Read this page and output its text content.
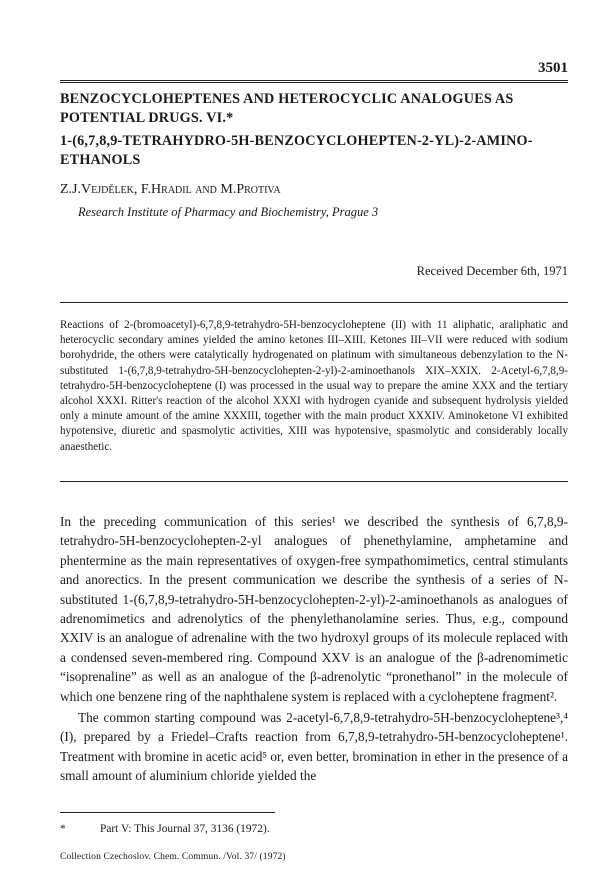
3501
BENZOCYCLOHEPTENES AND HETEROCYCLIC ANALOGUES AS POTENTIAL DRUGS. VI.*
1-(6,7,8,9-TETRAHYDRO-5H-BENZOCYCLOHEPTEN-2-YL)-2-AMINO-ETHANOLS
Z.J.Vejdělek, F.Hradil and M.Protiva
Research Institute of Pharmacy and Biochemistry, Prague 3
Received December 6th, 1971

Reactions of 2-(bromoacetyl)-6,7,8,9-tetrahydro-5H-benzocycloheptene (II) with 11 aliphatic, araliphatic and heterocyclic secondary amines yielded the amino ketones III–XIII. Ketones III–VII were reduced with sodium borohydride, the others were catalytically hydrogenated on platinum with simultaneous debenzylation to the N-substituted 1-(6,7,8,9-tetrahydro-5H-benzocyclohepten-2-yl)-2-aminoethanols XIX–XXIX. 2-Acetyl-6,7,8,9-tetrahydro-5H-benzocycloheptene (I) was processed in the usual way to prepare the amine XXX and the tertiary alcohol XXXI. Ritter's reaction of the alcohol XXXI with hydrogen cyanide and subsequent hydrolysis yielded only a minute amount of the amine XXXIII, together with the main product XXXIV. Aminoketone VI exhibited hypotensive, diuretic and spasmolytic activities, XIII was hypotensive, spasmolytic and considerably locally anaesthetic.

In the preceding communication of this series¹ we described the synthesis of 6,7,8,9-tetrahydro-5H-benzocyclohepten-2-yl analogues of phenethylamine, amphetamine and phentermine as the main representatives of oxygen-free sympathomimetics, central stimulants and anorectics. In the present communication we describe the synthesis of a series of N-substituted 1-(6,7,8,9-tetrahydro-5H-benzocyclohepten-2-yl)-2-aminoethanols as analogues of adrenomimetics and adrenolytics of the phenylethanolamine series. Thus, e.g., compound XXIV is an analogue of adrenaline with the two hydroxyl groups of its molecule replaced with a condensed seven-membered ring. Compound XXV is an analogue of the β-adrenomimetic “isoprenaline” as well as an analogue of the β-adrenolytic “pronethanol” in the molecule of which one benzene ring of the naphthalene system is replaced with a cycloheptene fragment².

The common starting compound was 2-acetyl-6,7,8,9-tetrahydro-5H-benzocycloheptene³,⁴ (I), prepared by a Friedel–Crafts reaction from 6,7,8,9-tetrahydro-5H-benzocycloheptene¹. Treatment with bromine in acetic acid⁵ or, even better, bromination in ether in the presence of a small amount of aluminium chloride yielded the

*	Part V: This Journal 37, 3136 (1972).
Collection Czechoslov. Chem. Commun. /Vol. 37/ (1972)
